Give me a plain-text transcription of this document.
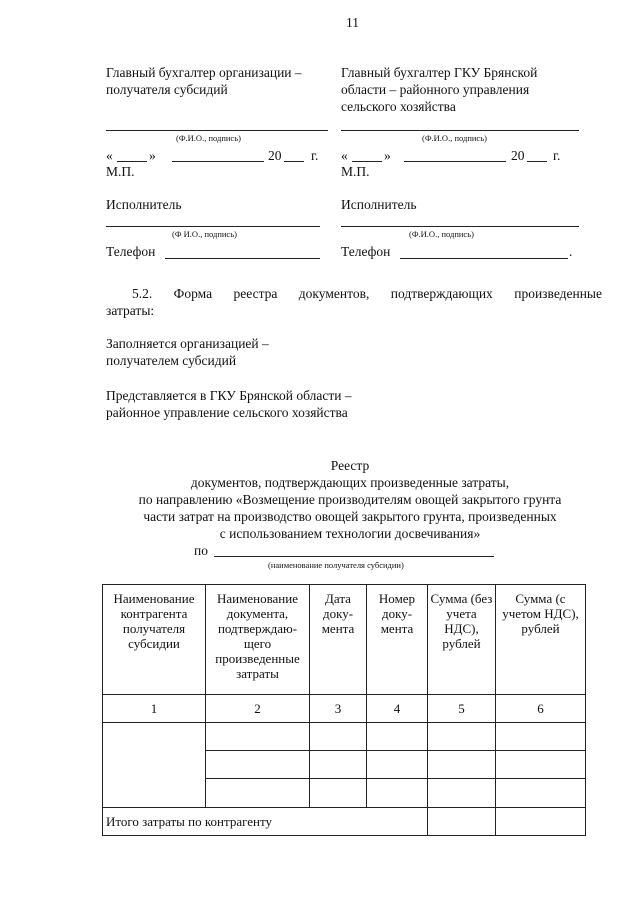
11
Главный бухгалтер организации –
получателя субсидий
(Ф.И.О., подпись)
Главный бухгалтер ГКУ Брянской
области – районного управления
сельского хозяйства
(Ф.И.О., подпись)
«	»	20 г.
М.П.
«	»	20 г.
М.П.
Исполнитель	Исполнитель
(Ф И.О., подпись)	(Ф.И.О., подпись)
Телефон	Телефон	.
5.2. Форма реестра документов, подтверждающих произведенные
затраты:
Заполняется организацией –
получателем субсидий
Представляется в ГКУ Брянской области –
районное управление сельского хозяйства
Реестр
документов, подтверждающих произведенные затраты,
по направлению «Возмещение производителям овощей закрытого грунта
части затрат на производство овощей закрытого грунта, произведенных
с использованием технологии досвечивания»
по
(наименование получателя субсидии)
Наименование контрагента получателя субсидии	Наименование документа, подтверждаю-щего произведенные затраты	Дата доку-мента	Номер доку-мента	Сумма (без учета НДС), рублей	Сумма (с учетом НДС), рублей
1	2	3	4	5	6

Итого затраты по контрагенту					
